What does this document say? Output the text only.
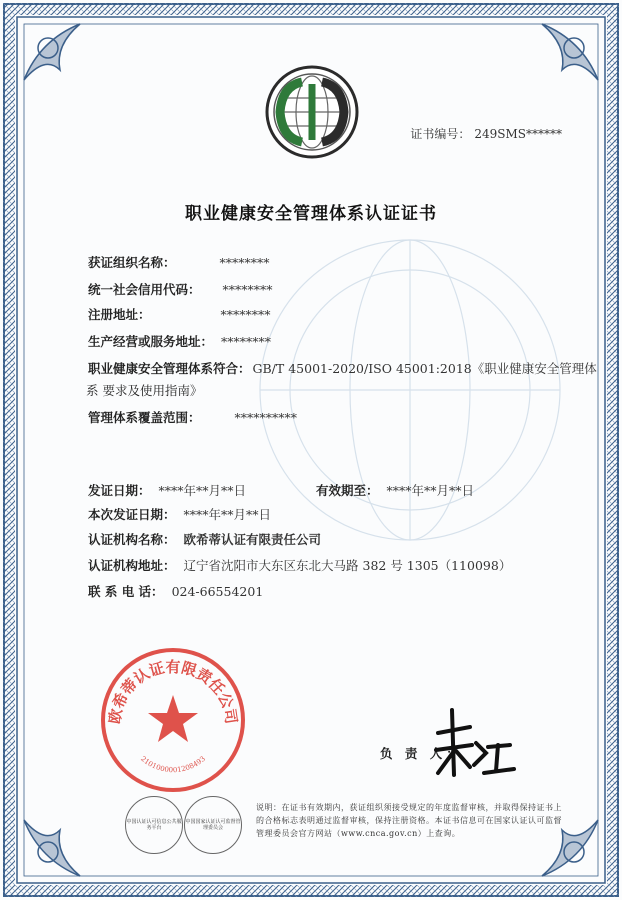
证书编号： 249SMS******
职业健康安全管理体系认证证书
获证组织名称：	********
统一社会信用代码： ********
注册地址：	********
生产经营或服务地址： ********
职业健康安全管理体系符合： GB/T 45001-2020/ISO 45001:2018《职业健康安全管理体
系 要求及使用指南》
管理体系覆盖范围：	**********
发证日期： ****年**月**日	有效期至： ****年**月**日
本次发证日期： ****年**月**日
认证机构名称： 欧希蒂认证有限责任公司
认证机构地址： 辽宁省沈阳市大东区东北大马路 382 号 1305（110098）
联 系 电 话： 024-66554201
欧希蒂认证有限责任公司
2101000001208493	负 责 人：
中国认证认可信息公共服务平台
中国国家认证认可监督管理委员会
说明：在证书有效期内，获证组织须接受规定的年度监督审核，并取得保持证书上的合格标志表明通过监督审核，保持注册资格。本证书信息可在国家认证认可监督管理委员会官方网站（www.cnca.gov.cn）上查询。
